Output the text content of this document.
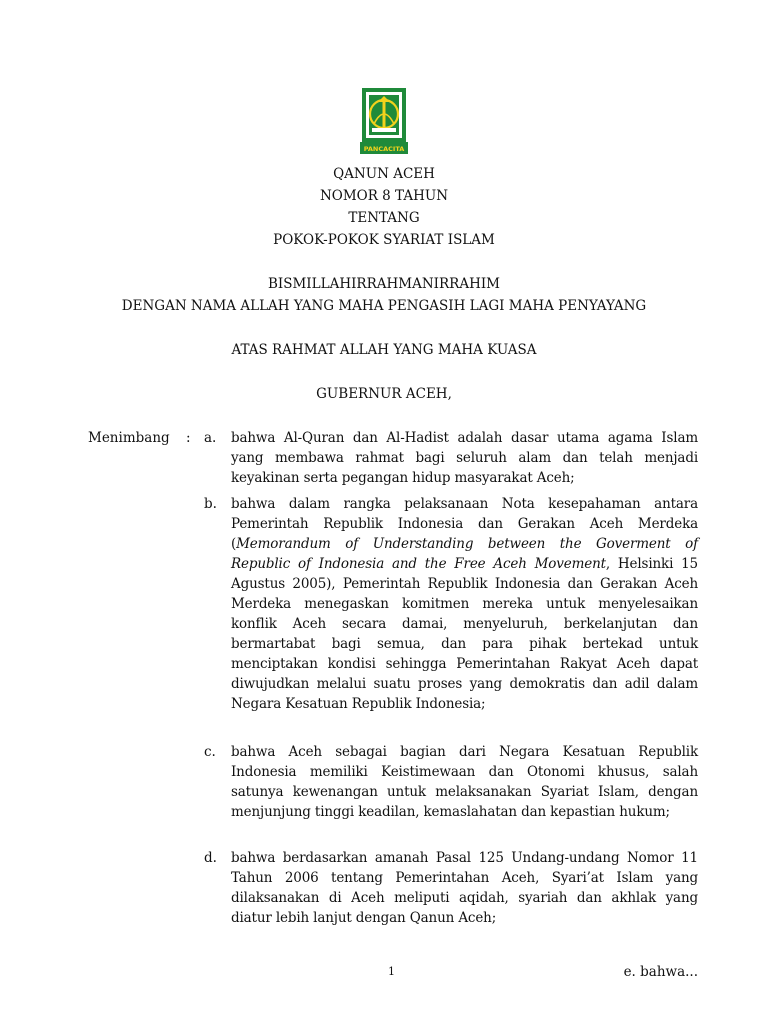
PANCACITA
QANUN ACEH
NOMOR 8 TAHUN
TENTANG
POKOK-POKOK SYARIAT ISLAM
BISMILLAHIRRAHMANIRRAHIM
DENGAN NAMA ALLAH YANG MAHA PENGASIH LAGI MAHA PENYAYANG
ATAS RAHMAT ALLAH YANG MAHA KUASA
GUBERNUR ACEH,
Menimbang : a. bahwa Al-Quran dan Al-Hadist adalah dasar utama agama Islam yang membawa rahmat bagi seluruh alam dan telah menjadi keyakinan serta pegangan hidup masyarakat Aceh;
b. bahwa dalam rangka pelaksanaan Nota kesepahaman antara Pemerintah Republik Indonesia dan Gerakan Aceh Merdeka (Memorandum of Understanding between the Goverment of Republic of Indonesia and the Free Aceh Movement, Helsinki 15 Agustus 2005), Pemerintah Republik Indonesia dan Gerakan Aceh Merdeka menegaskan komitmen mereka untuk menyelesaikan konflik Aceh secara damai, menyeluruh, berkelanjutan dan bermartabat bagi semua, dan para pihak bertekad untuk menciptakan kondisi sehingga Pemerintahan Rakyat Aceh dapat diwujudkan melalui suatu proses yang demokratis dan adil dalam Negara Kesatuan Republik Indonesia;
c. bahwa Aceh sebagai bagian dari Negara Kesatuan Republik Indonesia memiliki Keistimewaan dan Otonomi khusus, salah satunya kewenangan untuk melaksanakan Syariat Islam, dengan menjunjung tinggi keadilan, kemaslahatan dan kepastian hukum;
d. bahwa berdasarkan amanah Pasal 125 Undang-undang Nomor 11 Tahun 2006 tentang Pemerintahan Aceh, Syari’at Islam yang dilaksanakan di Aceh meliputi aqidah, syariah dan akhlak yang diatur lebih lanjut dengan Qanun Aceh;
1	e. bahwa...
